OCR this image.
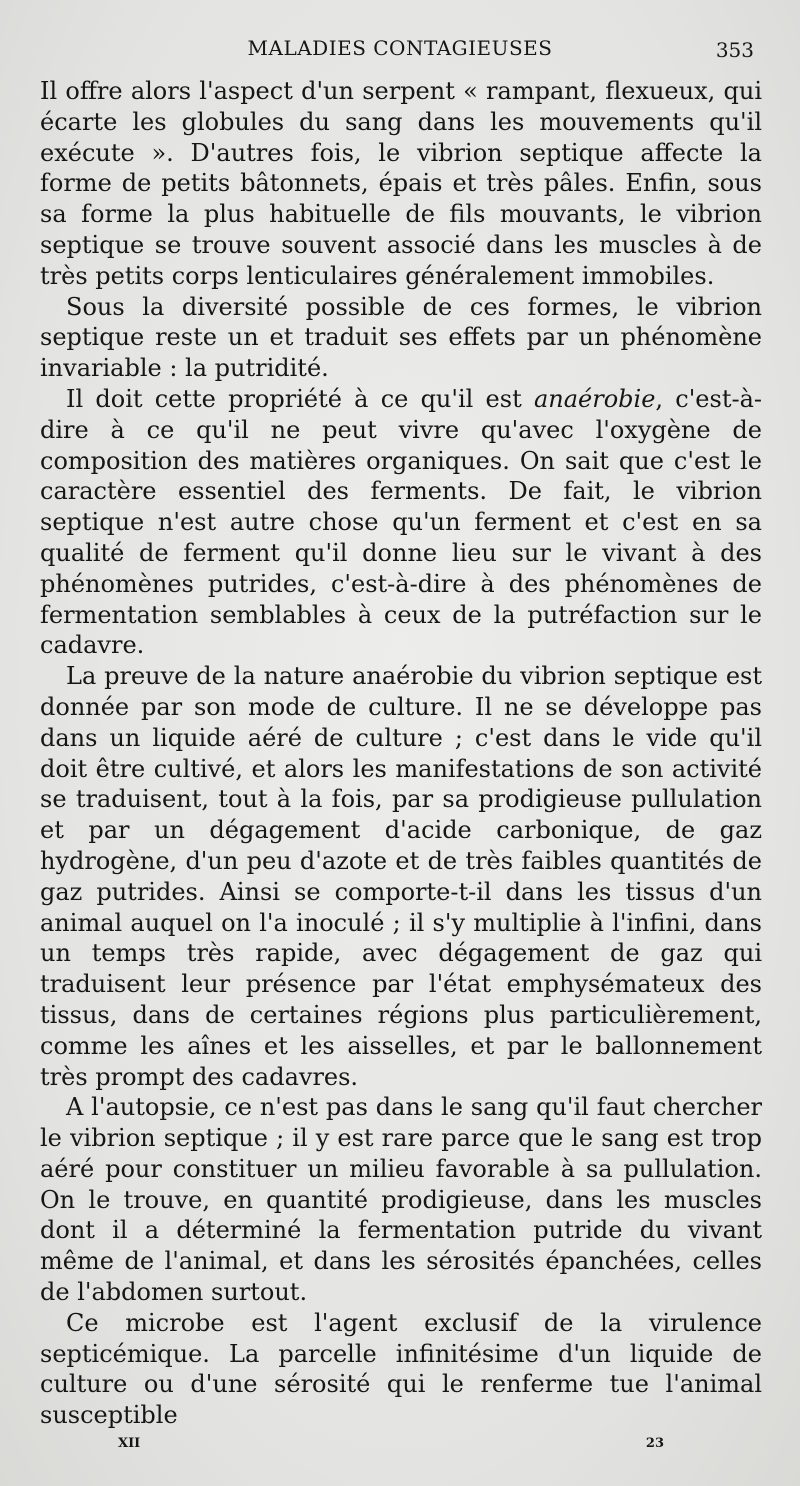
MALADIES CONTAGIEUSES	353

Il offre alors l'aspect d'un serpent « rampant, flexueux, qui écarte les globules du sang dans les mouvements qu'il exécute ». D'autres fois, le vibrion septique affecte la forme de petits bâtonnets, épais et très pâles. Enfin, sous sa forme la plus habituelle de fils mouvants, le vibrion septique se trouve souvent associé dans les muscles à de très petits corps lenticulaires généralement immobiles.

Sous la diversité possible de ces formes, le vibrion septique reste un et traduit ses effets par un phénomène invariable : la putridité.

Il doit cette propriété à ce qu'il est anaérobie, c'est-à-dire à ce qu'il ne peut vivre qu'avec l'oxygène de composition des matières organiques. On sait que c'est le caractère essentiel des ferments. De fait, le vibrion septique n'est autre chose qu'un ferment et c'est en sa qualité de ferment qu'il donne lieu sur le vivant à des phénomènes putrides, c'est-à-dire à des phénomènes de fermentation semblables à ceux de la putréfaction sur le cadavre.

La preuve de la nature anaérobie du vibrion septique est donnée par son mode de culture. Il ne se développe pas dans un liquide aéré de culture ; c'est dans le vide qu'il doit être cultivé, et alors les manifestations de son activité se traduisent, tout à la fois, par sa prodigieuse pullulation et par un dégagement d'acide carbonique, de gaz hydrogène, d'un peu d'azote et de très faibles quantités de gaz putrides. Ainsi se comporte-t-il dans les tissus d'un animal auquel on l'a inoculé ; il s'y multiplie à l'infini, dans un temps très rapide, avec dégagement de gaz qui traduisent leur présence par l'état emphysémateux des tissus, dans de certaines régions plus particulièrement, comme les aînes et les aisselles, et par le ballonnement très prompt des cadavres.

A l'autopsie, ce n'est pas dans le sang qu'il faut chercher le vibrion septique ; il y est rare parce que le sang est trop aéré pour constituer un milieu favorable à sa pullulation. On le trouve, en quantité prodigieuse, dans les muscles dont il a déterminé la fermentation putride du vivant même de l'animal, et dans les sérosités épanchées, celles de l'abdomen surtout.

Ce microbe est l'agent exclusif de la virulence septicémique. La parcelle infinitésime d'un liquide de culture ou d'une sérosité qui le renferme tue l'animal susceptible

XII	23
